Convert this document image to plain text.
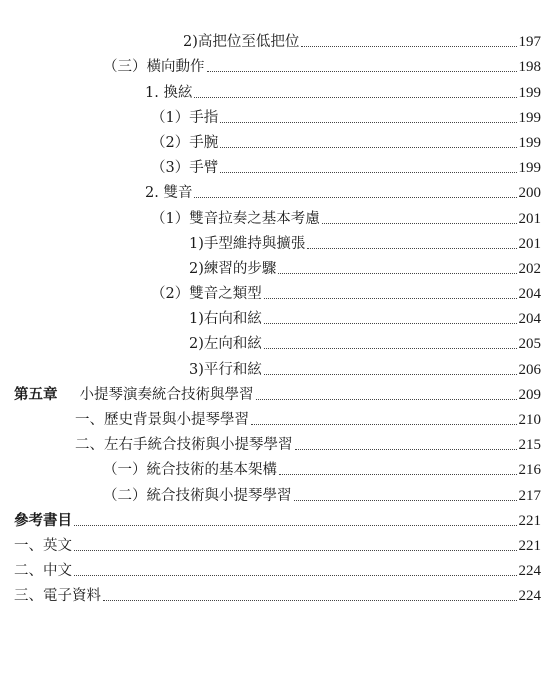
2)高把位至低把位	197
（三）橫向動作	198
1. 換絃	199
（1）手指	199
（2）手腕	199
（3）手臂	199
2. 雙音	200
（1）雙音拉奏之基本考慮	201
1)手型維持與擴張	201
2)練習的步驟	202
（2）雙音之類型	204
1)右向和絃	204
2)左向和絃	205
3)平行和絃	206
第五章 小提琴演奏統合技術與學習	209
一、歷史背景與小提琴學習	210
二、左右手統合技術與小提琴學習	215
（一）統合技術的基本架構	216
（二）統合技術與小提琴學習	217
參考書目	221
一、英文	221
二、中文	224
三、電子資料	224
